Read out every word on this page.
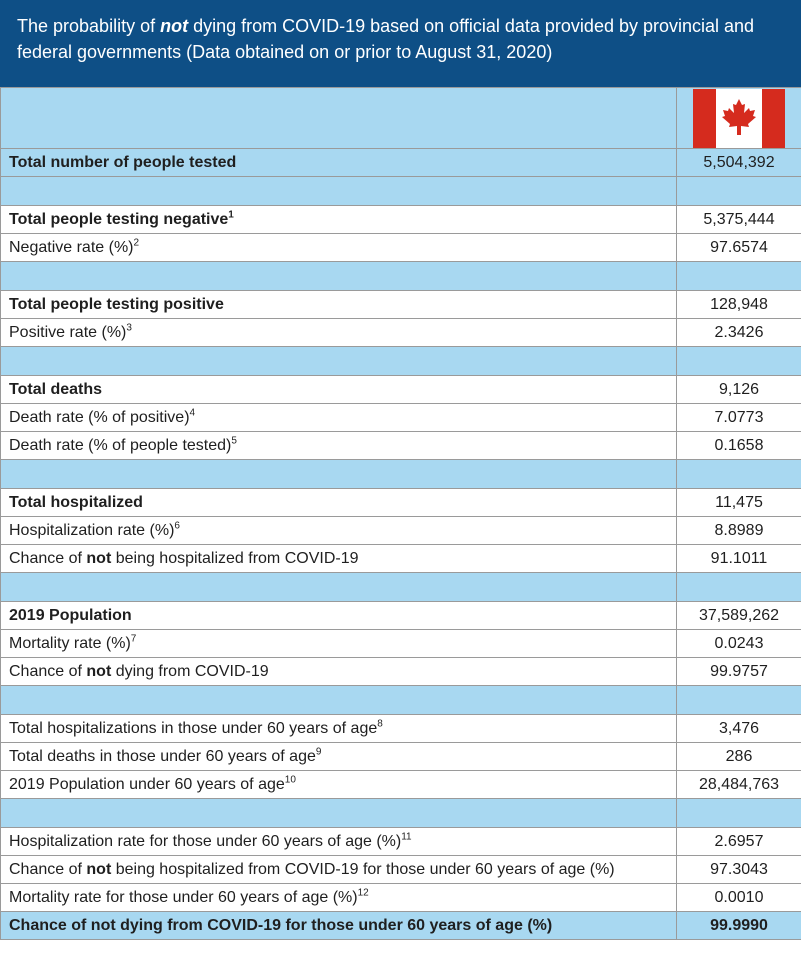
The probability of not dying from COVID-19 based on official data provided by provincial and federal governments (Data obtained on or prior to August 31, 2020)

Total number of people tested	5,504,392

Total people testing negative$^1$	5,375,444
Negative rate (%)$^2$	97.6574

Total people testing positive	128,948
Positive rate (%)$^3$	2.3426

Total deaths	9,126
Death rate (% of positive)$^4$	7.0773
Death rate (% of people tested)$^5$	0.1658

Total hospitalized	11,475
Hospitalization rate (%)$^6$	8.8989
Chance of not being hospitalized from COVID-19	91.1011

2019 Population	37,589,262
Mortality rate (%)$^7$	0.0243
Chance of not dying from COVID-19	99.9757

Total hospitalizations in those under 60 years of age$^8$	3,476
Total deaths in those under 60 years of age$^9$	286
2019 Population under 60 years of age$^{10}$	28,484,763

Hospitalization rate for those under 60 years of age (%)$^{11}$	2.6957
Chance of not being hospitalized from COVID-19 for those under 60 years of age (%)	97.3043
Mortality rate for those under 60 years of age (%)$^{12}$	0.0010
Chance of not dying from COVID-19 for those under 60 years of age (%)	99.9990
